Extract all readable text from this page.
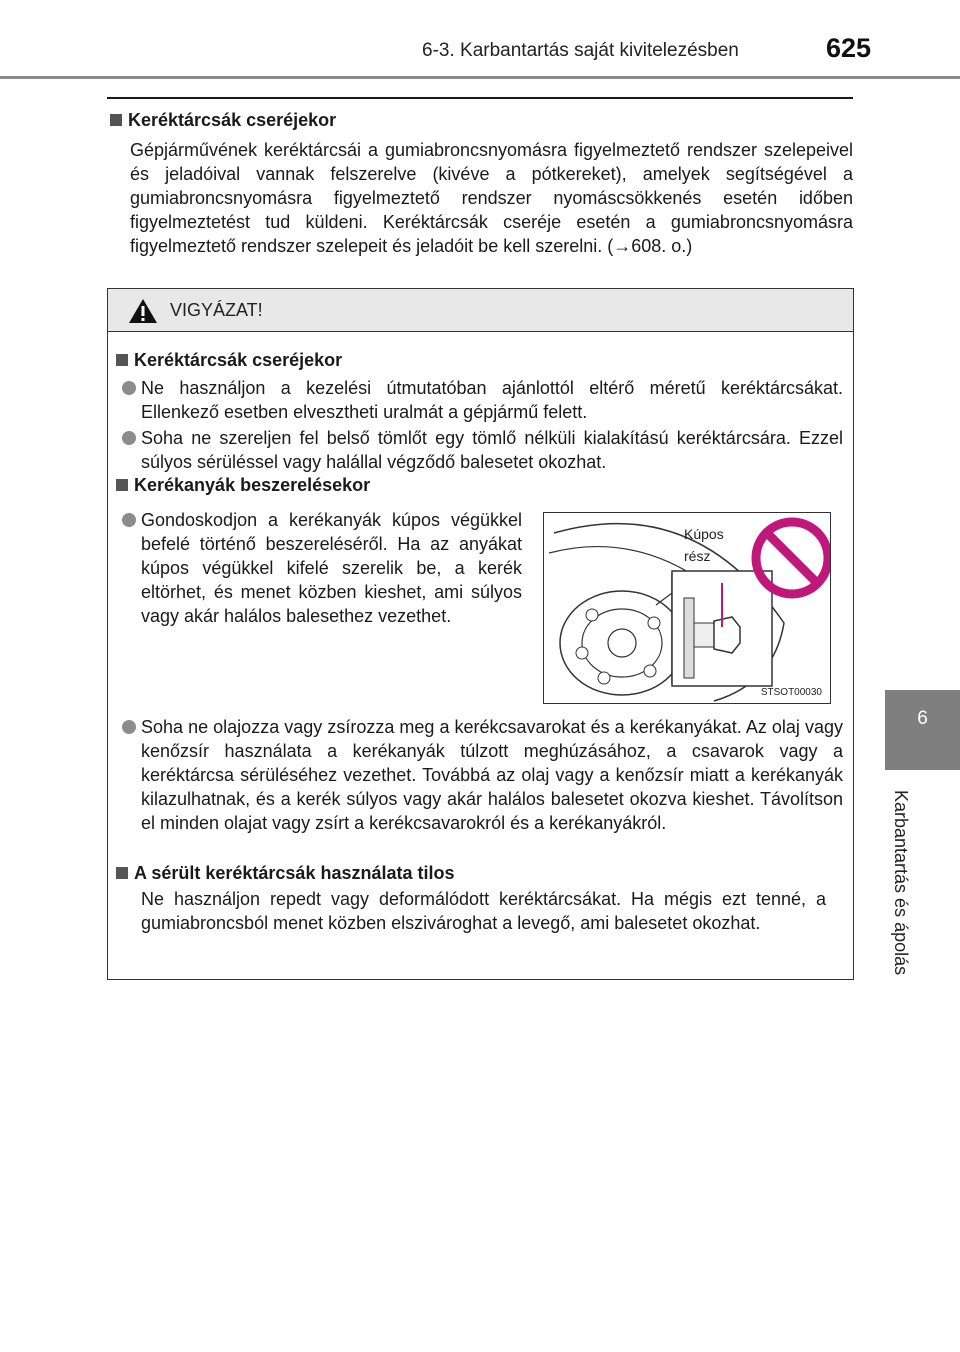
6-3. Karbantartás saját kivitelezésben	625
6
Karbantartás és ápolás
Keréktárcsák cseréjekor
Gépjárművének keréktárcsái a gumiabroncsnyomásra figyelmeztető rendszer szelepeivel és jeladóival vannak felszerelve (kivéve a pótkereket), amelyek segítségével a gumiabroncsnyomásra figyelmeztető rendszer nyomáscsökkenés esetén időben figyelmeztetést tud küldeni. Keréktárcsák cseréje esetén a gumiabroncsnyomásra figyelmeztető rendszer szelepeit és jeladóit be kell szerelni. (→608. o.)
VIGYÁZAT!
Keréktárcsák cseréjekor
Ne használjon a kezelési útmutatóban ajánlottól eltérő méretű keréktárcsákat. Ellenkező esetben elvesztheti uralmát a gépjármű felett.
Soha ne szereljen fel belső tömlőt egy tömlő nélküli kialakítású keréktárcsára. Ezzel súlyos sérüléssel vagy halállal végződő balesetet okozhat.
Kerékanyák beszerelésekor
Gondoskodjon a kerékanyák kúpos végükkel befelé történő beszereléséről. Ha az anyákat kúpos végükkel kifelé szerelik be, a kerék eltörhet, és menet közben kieshet, ami súlyos vagy akár halálos balesethez vezethet.
Kúpos
rész
STSOT00030
Soha ne olajozza vagy zsírozza meg a kerékcsavarokat és a kerékanyákat. Az olaj vagy kenőzsír használata a kerékanyák túlzott meghúzásához, a csavarok vagy a keréktárcsa sérüléséhez vezethet. Továbbá az olaj vagy a kenőzsír miatt a kerékanyák kilazulhatnak, és a kerék súlyos vagy akár halálos balesetet okozva kieshet. Távolítson el minden olajat vagy zsírt a kerékcsavarokról és a kerékanyákról.
A sérült keréktárcsák használata tilos
Ne használjon repedt vagy deformálódott keréktárcsákat. Ha mégis ezt tenné, a gumiabroncsból menet közben elszivároghat a levegő, ami balesetet okozhat.
